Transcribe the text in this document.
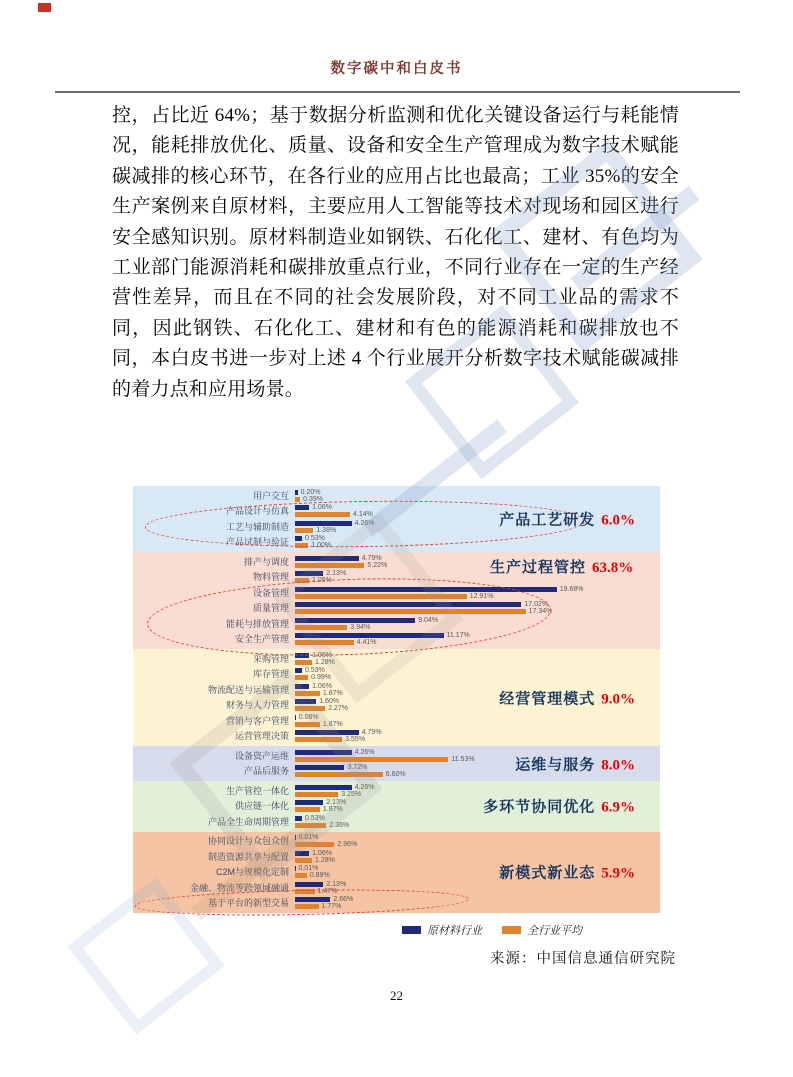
数字碳中和白皮书
控，占比近 64%；基于数据分析监测和优化关键设备运行与耗能情况，能耗排放优化、质量、设备和安全生产管理成为数字技术赋能碳减排的核心环节，在各行业的应用占比也最高；工业 35%的安全生产案例来自原材料，主要应用人工智能等技术对现场和园区进行安全感知识别。原材料制造业如钢铁、石化化工、建材、有色均为工业部门能源消耗和碳排放重点行业，不同行业存在一定的生产经营性差异，而且在不同的社会发展阶段，对不同工业品的需求不同，因此钢铁、石化化工、建材和有色的能源消耗和碳排放也不同，本白皮书进一步对上述 4 个行业展开分析数字技术赋能碳减排的着力点和应用场景。
用户交互	0.20%
0.39%
产品设计与仿真	1.06%
4.14%
工艺与辅助制造	4.26%
1.38%
产品试制与验证	0.53%
1.00%
产品工艺研发 6.0%
排产与调度	4.79%
5.22%
物料管理	2.13%
1.05%
设备管理	19.68%
12.91%
质量管理	17.02%
17.34%
能耗与排放管理	9.04%
3.94%
安全生产管理	11.17%
4.41%
生产过程管控 63.8%
采购管理	1.06%
1.28%
库存管理	0.53%
0.99%
物流配送与运输管理	1.06%
1.87%
财务与人力管理	1.60%
2.27%
营销与客户管理	0.06%
1.87%
运营管理决策	4.79%
3.55%
经营管理模式 9.0%
设备资产运维	4.26%
11.53%
产品后服务	3.72%
6.60%
运维与服务 8.0%
生产管控一体化	4.26%
3.25%
供应链一体化	2.13%
1.87%
产品全生命周期管理	0.53%
2.36%
多环节协同优化 6.9%
协同设计与众包众创	0.01%
2.96%
制造资源共享与配置	1.06%
1.28%
C2M与规模化定制	0.01%
0.89%
金融、物流等跨领域融通	2.13%
1.47%
基于平台的新型交易	2.66%
1.77%
新模式新业态 5.9%
原材料行业	全行业平均
来源：中国信息通信研究院
22
